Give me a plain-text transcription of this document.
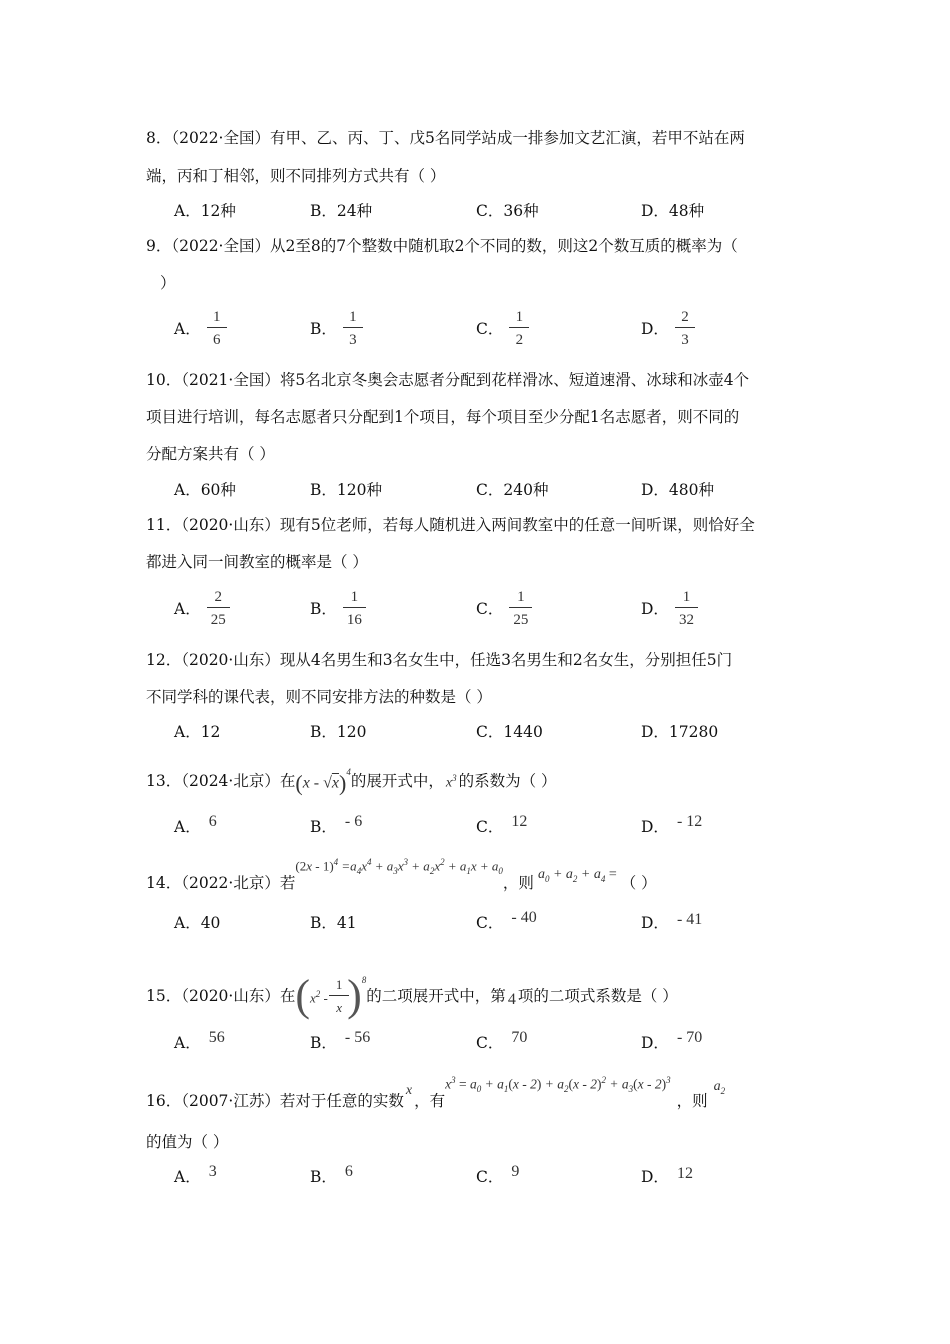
8．（2022·全国）有甲、乙、丙、丁、戊5名同学站成一排参加文艺汇演，若甲不站在两
端，丙和丁相邻，则不同排列方式共有（ ）
A．12种	B．24种	C．36种	D．48种
9．（2022·全国）从2至8的7个整数中随机取2个不同的数，则这2个数互质的概率为（
）
A． $\frac{1}{6}$	B． $\frac{1}{3}$	C． $\frac{1}{2}$	D． $\frac{2}{3}$
10．（2021·全国）将5名北京冬奥会志愿者分配到花样滑冰、短道速滑、冰球和冰壶4个
项目进行培训，每名志愿者只分配到1个项目，每个项目至少分配1名志愿者，则不同的
分配方案共有（ ）
A．60种	B．120种	C．240种	D．480种
11．（2020·山东）现有5位老师，若每人随机进入两间教室中的任意一间听课，则恰好全
都进入同一间教室的概率是（ ）
A． $\frac{2}{25}$	B． $\frac{1}{16}$	C． $\frac{1}{25}$	D． $\frac{1}{32}$
12．（2020·山东）现从4名男生和3名女生中，任选3名男生和2名女生，分别担任5门
不同学科的课代表，则不同安排方法的种数是（ ）
A．12	B．120	C．1440	D．17280
13．（2024·北京）在 (x - √x)$^4$ 的展开式中， $x^3$ 的系数为（ ）
A． 6	B． - 6	C． 12	D． - 12
14．（2022·北京）若
$(2x - 1)^4 =a_4x^4 + a_3x^3 + a_2x^2 + a_1x + a_0$
，则 $a_0 + a_2 + a_4$ = （ ）
A．40	B．41	C． - 40	D． - 41
15．（2020·山东）在 ( $x^2 - \frac{1}{x} )^8$
的二项展开式中，第 4 项的二项式系数是（ ）
A． 56	B． - 56	C． 70	D． - 70
16．（2007·江苏）若对于任意的实数
x
，有
$x^3 = a_0 + a_1(x - 2) + a_2(x - 2)^2 + a_3(x - 2)^3$
，则
$a_2$
的值为（ ）
A． 3	B． 6	C． 9	D． 12
